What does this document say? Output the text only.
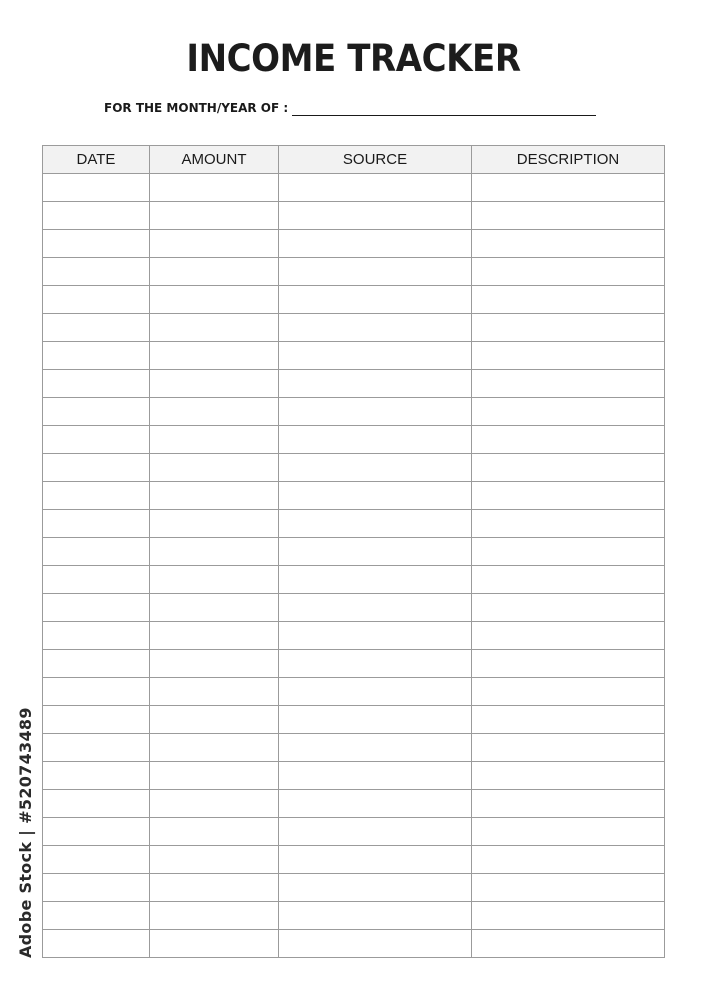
INCOME TRACKER
FOR THE MONTH/YEAR OF :
DATE	AMOUNT	SOURCE	DESCRIPTION

Adobe Stock | #520743489
